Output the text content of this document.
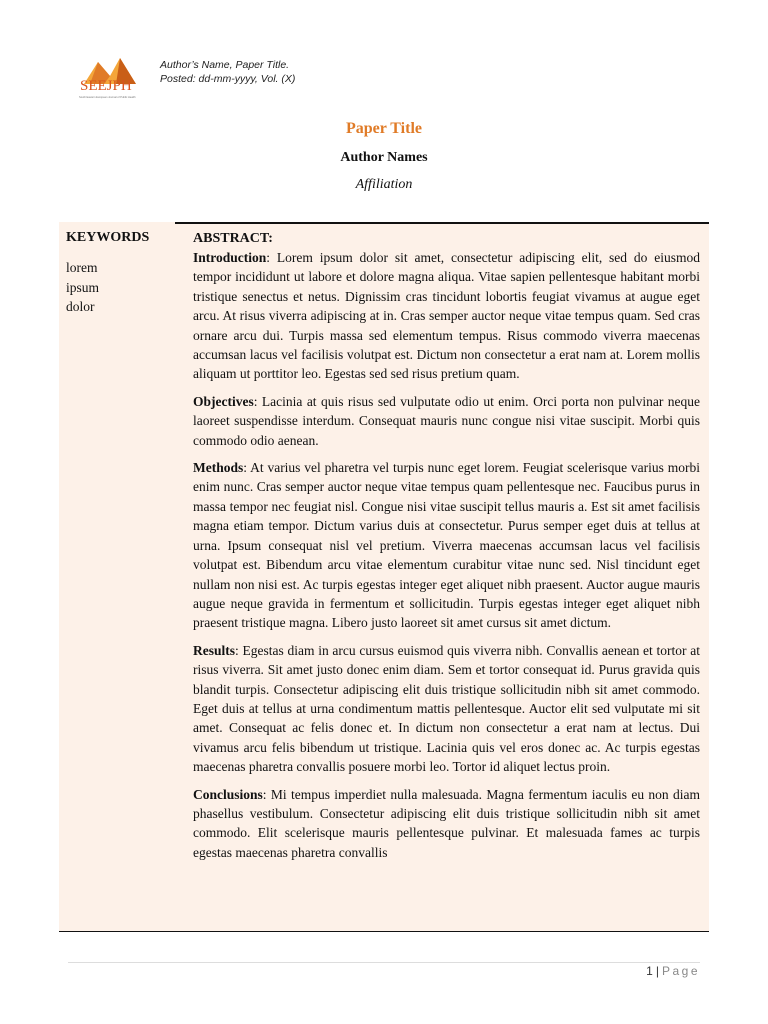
SEEJPH
South Eastern European Journal of Public Health
Author’s Name, Paper Title.
Posted: dd-mm-yyyy, Vol. (X)
Paper Title
Author Names
Affiliation
KEYWORDS
lorem
ipsum
dolor
ABSTRACT:

Introduction: Lorem ipsum dolor sit amet, consectetur adipiscing elit, sed do eiusmod tempor incididunt ut labore et dolore magna aliqua. Vitae sapien pellentesque habitant morbi tristique senectus et netus. Dignissim cras tincidunt lobortis feugiat vivamus at augue eget arcu. At risus viverra adipiscing at in. Cras semper auctor neque vitae tempus quam. Sed cras ornare arcu dui. Turpis massa sed elementum tempus. Risus commodo viverra maecenas accumsan lacus vel facilisis volutpat est. Dictum non consectetur a erat nam at. Lorem mollis aliquam ut porttitor leo. Egestas sed sed risus pretium quam.

Objectives: Lacinia at quis risus sed vulputate odio ut enim. Orci porta non pulvinar neque laoreet suspendisse interdum. Consequat mauris nunc congue nisi vitae suscipit. Morbi quis commodo odio aenean.

Methods: At varius vel pharetra vel turpis nunc eget lorem. Feugiat scelerisque varius morbi enim nunc. Cras semper auctor neque vitae tempus quam pellentesque nec. Faucibus purus in massa tempor nec feugiat nisl. Congue nisi vitae suscipit tellus mauris a. Est sit amet facilisis magna etiam tempor. Dictum varius duis at consectetur. Purus semper eget duis at tellus at urna. Ipsum consequat nisl vel pretium. Viverra maecenas accumsan lacus vel facilisis volutpat est. Bibendum arcu vitae elementum curabitur vitae nunc sed. Nisl tincidunt eget nullam non nisi est. Ac turpis egestas integer eget aliquet nibh praesent. Auctor augue mauris augue neque gravida in fermentum et sollicitudin. Turpis egestas integer eget aliquet nibh praesent tristique magna. Libero justo laoreet sit amet cursus sit amet dictum.

Results: Egestas diam in arcu cursus euismod quis viverra nibh. Convallis aenean et tortor at risus viverra. Sit amet justo donec enim diam. Sem et tortor consequat id. Purus gravida quis blandit turpis. Consectetur adipiscing elit duis tristique sollicitudin nibh sit amet commodo. Eget duis at tellus at urna condimentum mattis pellentesque. Auctor elit sed vulputate mi sit amet. Consequat ac felis donec et. In dictum non consectetur a erat nam at lectus. Dui vivamus arcu felis bibendum ut tristique. Lacinia quis vel eros donec ac. Ac turpis egestas maecenas pharetra convallis posuere morbi leo. Tortor id aliquet lectus proin.

Conclusions: Mi tempus imperdiet nulla malesuada. Magna fermentum iaculis eu non diam phasellus vestibulum. Consectetur adipiscing elit duis tristique sollicitudin nibh sit amet commodo. Elit scelerisque mauris pellentesque pulvinar. Et malesuada fames ac turpis egestas maecenas pharetra convallis

1 | Page
